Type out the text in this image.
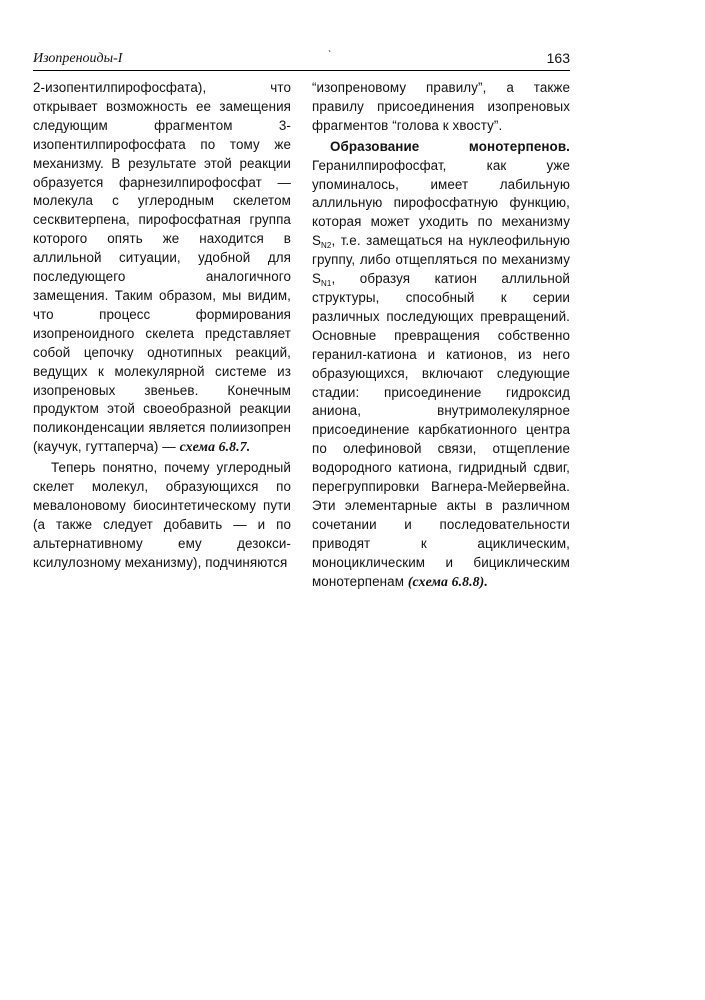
Изопреноиды-I	ˋ	163

2-изопентилпирофосфата), что открывает возможность ее замещения следующим фрагментом 3-изопентилпирофосфата по тому же механизму. В результате этой реакции образуется фарнезилпирофосфат — молекула с углеродным скелетом сесквитерпена, пирофосфатная группа которого опять же находится в аллильной ситуации, удобной для последующего аналогичного замещения. Таким образом, мы видим, что процесс формирования изопреноидного скелета представляет собой цепочку однотипных реакций, ведущих к молекулярной системе из изопреновых звеньев. Конечным продуктом этой своеобразной реакции поликонденсации является полиизопрен (каучук, гуттаперча) — схема 6.8.7.

Теперь понятно, почему углеродный скелет молекул, образующихся по мевалоновому биосинтетическому пути (а также следует добавить — и по альтернативному ему дезокси-ксилулозному механизму), подчиняются

“изопреновому правилу”, а также правилу присоединения изопреновых фрагментов “голова к хвосту”.

Образование монотерпенов. Геранилпирофосфат, как уже упоминалось, имеет лабильную аллильную пирофосфатную функцию, которая может уходить по механизму $S_{N2}$, т.е. замещаться на нуклеофильную группу, либо отщепляться по механизму $S_{N1}$, образуя катион аллильной структуры, способный к серии различных последующих превращений. Основные превращения собственно геранил-катиона и катионов, из него образующихся, включают следующие стадии: присоединение гидроксид аниона, внутримолекулярное присоединение карбкатионного центра по олефиновой связи, отщепление водородного катиона, гидридный сдвиг, перегруппировки Вагнера-Мейервейна. Эти элементарные акты в различном сочетании и последовательности приводят к ациклическим, моноциклическим и бициклическим монотерпенам (схема 6.8.8).
